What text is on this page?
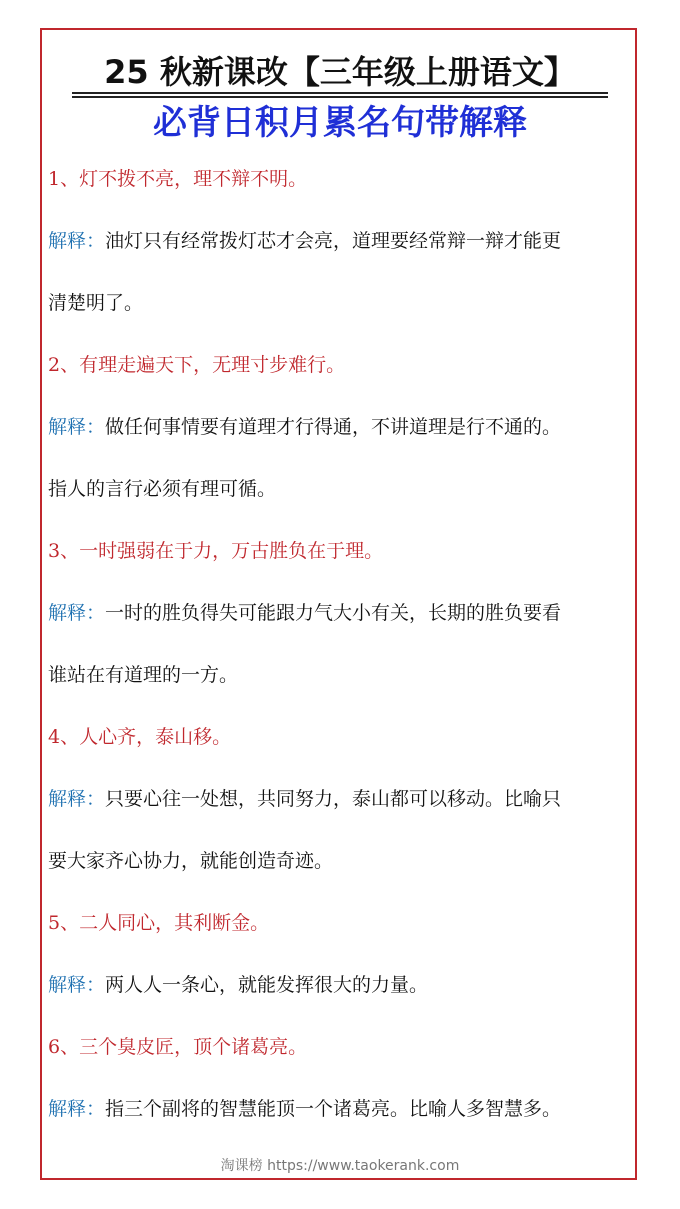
25 秋新课改【三年级上册语文】
必背日积月累名句带解释
1、灯不拨不亮，理不辩不明。

解释：油灯只有经常拨灯芯才会亮，道理要经常辩一辩才能更

清楚明了。

2、有理走遍天下，无理寸步难行。

解释：做任何事情要有道理才行得通，不讲道理是行不通的。

指人的言行必须有理可循。

3、一时强弱在于力，万古胜负在于理。

解释：一时的胜负得失可能跟力气大小有关，长期的胜负要看

谁站在有道理的一方。

4、人心齐，泰山移。

解释：只要心往一处想，共同努力，泰山都可以移动。比喻只

要大家齐心协力，就能创造奇迹。

5、二人同心，其利断金。

解释：两人人一条心，就能发挥很大的力量。

6、三个臭皮匠，顶个诸葛亮。

解释：指三个副将的智慧能顶一个诸葛亮。比喻人多智慧多。

淘课榜 https://www.taokerank.com
